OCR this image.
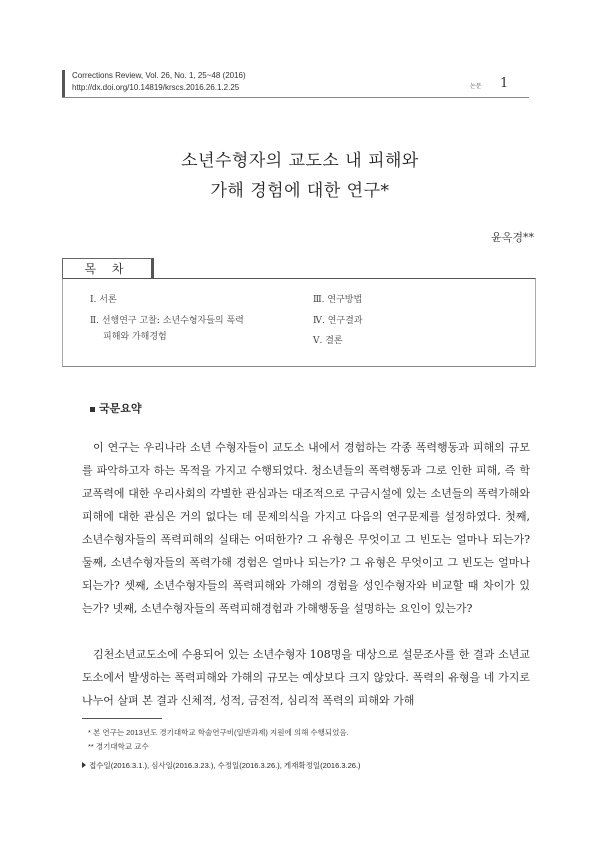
Corrections Review, Vol. 26, No. 1, 25~48 (2016)
http://dx.doi.org/10.14819/krscs.2016.26.1.2.25	논문 1
소년수형자의 교도소 내 피해와
가해 경험에 대한 연구*
윤옥경**
목 차
Ⅰ. 서론
Ⅱ. 선행연구 고찰: 소년수형자들의 폭력
피해와 가해경험
Ⅲ. 연구방법
Ⅳ. 연구결과
Ⅴ. 결론
국문요약

이 연구는 우리나라 소년 수형자들이 교도소 내에서 경험하는 각종 폭력행동과 피해의 규모를 파악하고자 하는 목적을 가지고 수행되었다. 청소년들의 폭력행동과 그로 인한 피해, 즉 학교폭력에 대한 우리사회의 각별한 관심과는 대조적으로 구금시설에 있는 소년들의 폭력가해와 피해에 대한 관심은 거의 없다는 데 문제의식을 가지고 다음의 연구문제를 설정하였다. 첫째, 소년수형자들의 폭력피해의 실태는 어떠한가? 그 유형은 무엇이고 그 빈도는 얼마나 되는가? 둘째, 소년수형자들의 폭력가해 경험은 얼마나 되는가? 그 유형은 무엇이고 그 빈도는 얼마나 되는가? 셋째, 소년수형자들의 폭력피해와 가해의 경험을 성인수형자와 비교할 때 차이가 있는가? 넷째, 소년수형자들의 폭력피해경험과 가해행동을 설명하는 요인이 있는가?

김천소년교도소에 수용되어 있는 소년수형자 108명을 대상으로 설문조사를 한 결과 소년교도소에서 발생하는 폭력피해와 가해의 규모는 예상보다 크지 않았다. 폭력의 유형을 네 가지로 나누어 살펴 본 결과 신체적, 성적, 금전적, 심리적 폭력의 피해와 가해

* 본 연구는 2013년도 경기대학교 학술연구비(일반과제) 지원에 의해 수행되었음.
** 경기대학교 교수
접수일(2016.3.1.), 심사일(2016.3.23.), 수정일(2016.3.26.), 게재확정일(2016.3.26.)
